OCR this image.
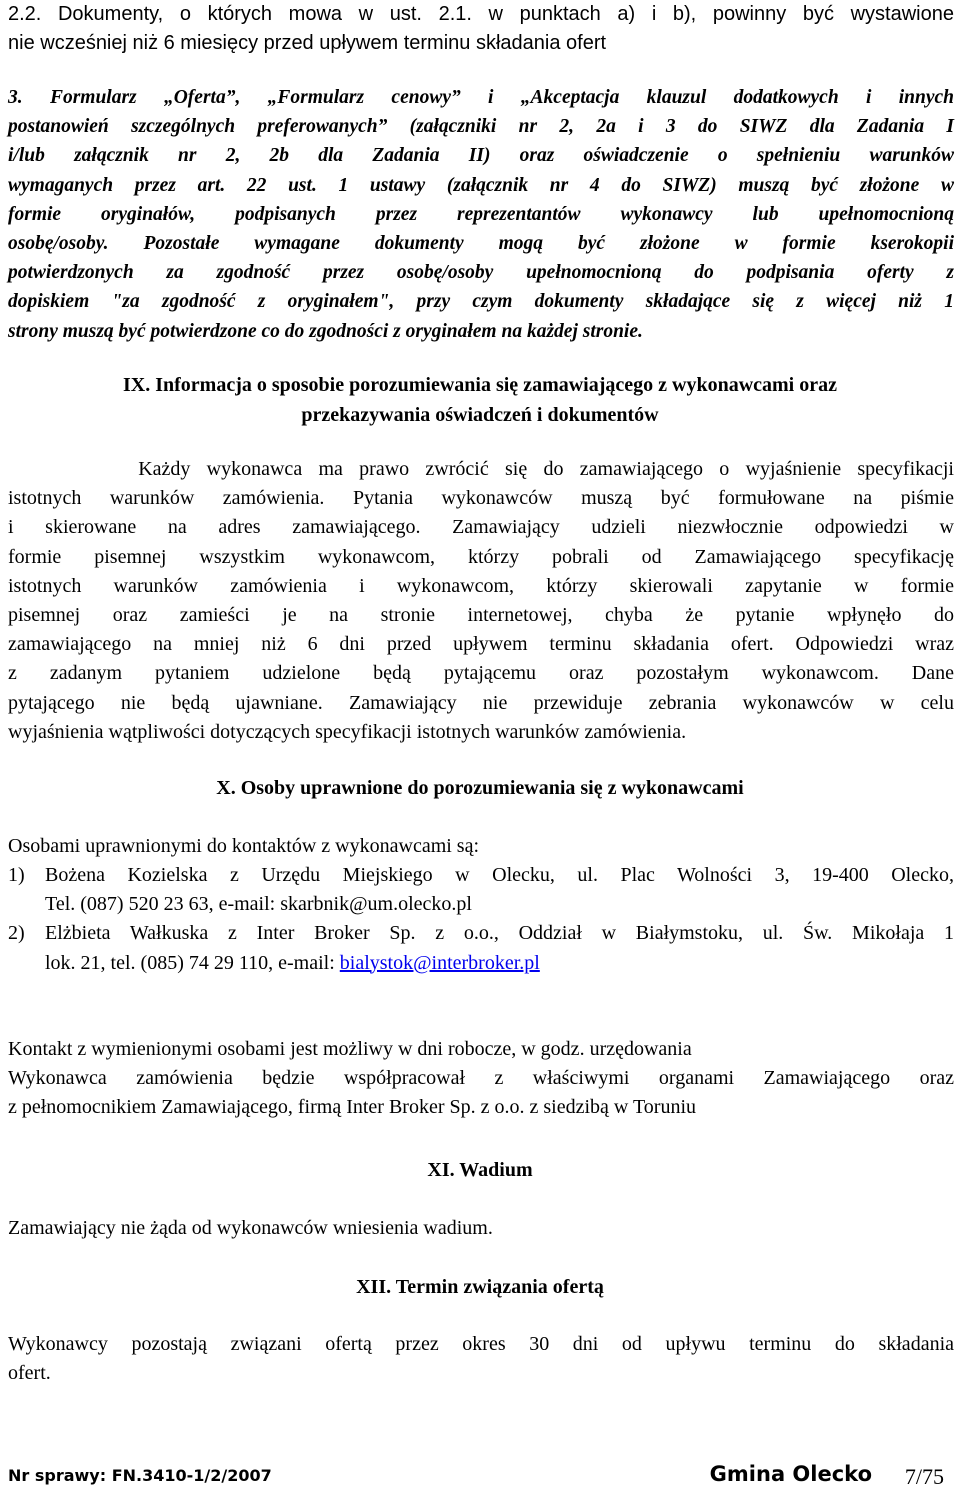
2.2. Dokumenty, o których mowa w ust. 2.1. w punktach a) i b), powinny być wystawione
nie wcześniej niż 6 miesięcy przed upływem terminu składania ofert
3. Formularz „Oferta”, „Formularz cenowy” i „Akceptacja klauzul dodatkowych i innych
postanowień szczególnych preferowanych” (załączniki nr 2, 2a i 3 do SIWZ dla Zadania I
i/lub załącznik nr 2, 2b dla Zadania II) oraz oświadczenie o spełnieniu warunków
wymaganych przez art. 22 ust. 1 ustawy (załącznik nr 4 do SIWZ) muszą być złożone w
formie oryginałów, podpisanych przez reprezentantów wykonawcy lub upełnomocnioną
osobę/osoby. Pozostałe wymagane dokumenty mogą być złożone w formie kserokopii
potwierdzonych za zgodność przez osobę/osoby upełnomocnioną do podpisania oferty z
dopiskiem "za zgodność z oryginałem", przy czym dokumenty składające się z więcej niż 1
strony muszą być potwierdzone co do zgodności z oryginałem na każdej stronie.
IX. Informacja o sposobie porozumiewania się zamawiającego z wykonawcami oraz
przekazywania oświadczeń i dokumentów
Każdy wykonawca ma prawo zwrócić się do zamawiającego o wyjaśnienie specyfikacji
istotnych warunków zamówienia. Pytania wykonawców muszą być formułowane na piśmie
i skierowane na adres zamawiającego. Zamawiający udzieli niezwłocznie odpowiedzi w
formie pisemnej wszystkim wykonawcom, którzy pobrali od Zamawiającego specyfikację
istotnych warunków zamówienia i wykonawcom, którzy skierowali zapytanie w formie
pisemnej oraz zamieści je na stronie internetowej, chyba że pytanie wpłynęło do
zamawiającego na mniej niż 6 dni przed upływem terminu składania ofert. Odpowiedzi wraz
z zadanym pytaniem udzielone będą pytającemu oraz pozostałym wykonawcom. Dane
pytającego nie będą ujawniane. Zamawiający nie przewiduje zebrania wykonawców w celu
wyjaśnienia wątpliwości dotyczących specyfikacji istotnych warunków zamówienia.
X. Osoby uprawnione do porozumiewania się z wykonawcami
Osobami uprawnionymi do kontaktów z wykonawcami są:
1) Bożena Kozielska z Urzędu Miejskiego w Olecku, ul. Plac Wolności 3, 19-400 Olecko,
Tel. (087) 520 23 63, e-mail: skarbnik@um.olecko.pl
2) Elżbieta Wałkuska z Inter Broker Sp. z o.o., Oddział w Białymstoku, ul. Św. Mikołaja 1
lok. 21, tel. (085) 74 29 110, e-mail: bialystok@interbroker.pl
Kontakt z wymienionymi osobami jest możliwy w dni robocze, w godz. urzędowania
Wykonawca zamówienia będzie współpracował z właściwymi organami Zamawiającego oraz
z pełnomocnikiem Zamawiającego, firmą Inter Broker Sp. z o.o. z siedzibą w Toruniu
XI. Wadium
Zamawiający nie żąda od wykonawców wniesienia wadium.
XII. Termin związania ofertą
Wykonawcy pozostają związani ofertą przez okres 30 dni od upływu terminu do składania
ofert.
Nr sprawy: FN.3410-1/2/2007	Gmina Olecko 7/75
